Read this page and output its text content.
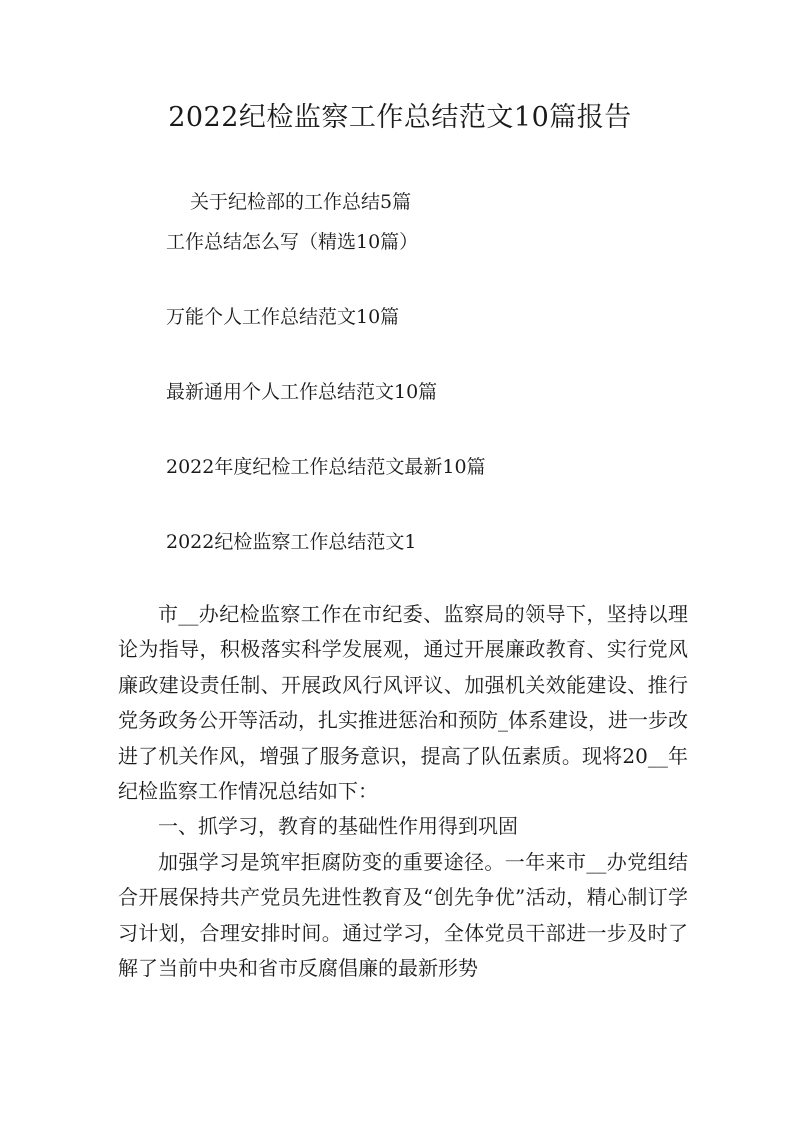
2022纪检监察工作总结范文10篇报告
关于纪检部的工作总结5篇
工作总结怎么写（精选10篇）
万能个人工作总结范文10篇
最新通用个人工作总结范文10篇
2022年度纪检工作总结范文最新10篇
2022纪检监察工作总结范文1

市__办纪检监察工作在市纪委、监察局的领导下，坚持以理论为指导，积极落实科学发展观，通过开展廉政教育、实行党风廉政建设责任制、开展政风行风评议、加强机关效能建设、推行党务政务公开等活动，扎实推进惩治和预防_体系建设，进一步改进了机关作风，增强了服务意识，提高了队伍素质。现将20__年纪检监察工作情况总结如下：

一、抓学习，教育的基础性作用得到巩固

加强学习是筑牢拒腐防变的重要途径。一年来市__办党组结合开展保持共产党员先进性教育及“创先争优”活动，精心制订学习计划，合理安排时间。通过学习，全体党员干部进一步及时了解了当前中央和省市反腐倡廉的最新形势
